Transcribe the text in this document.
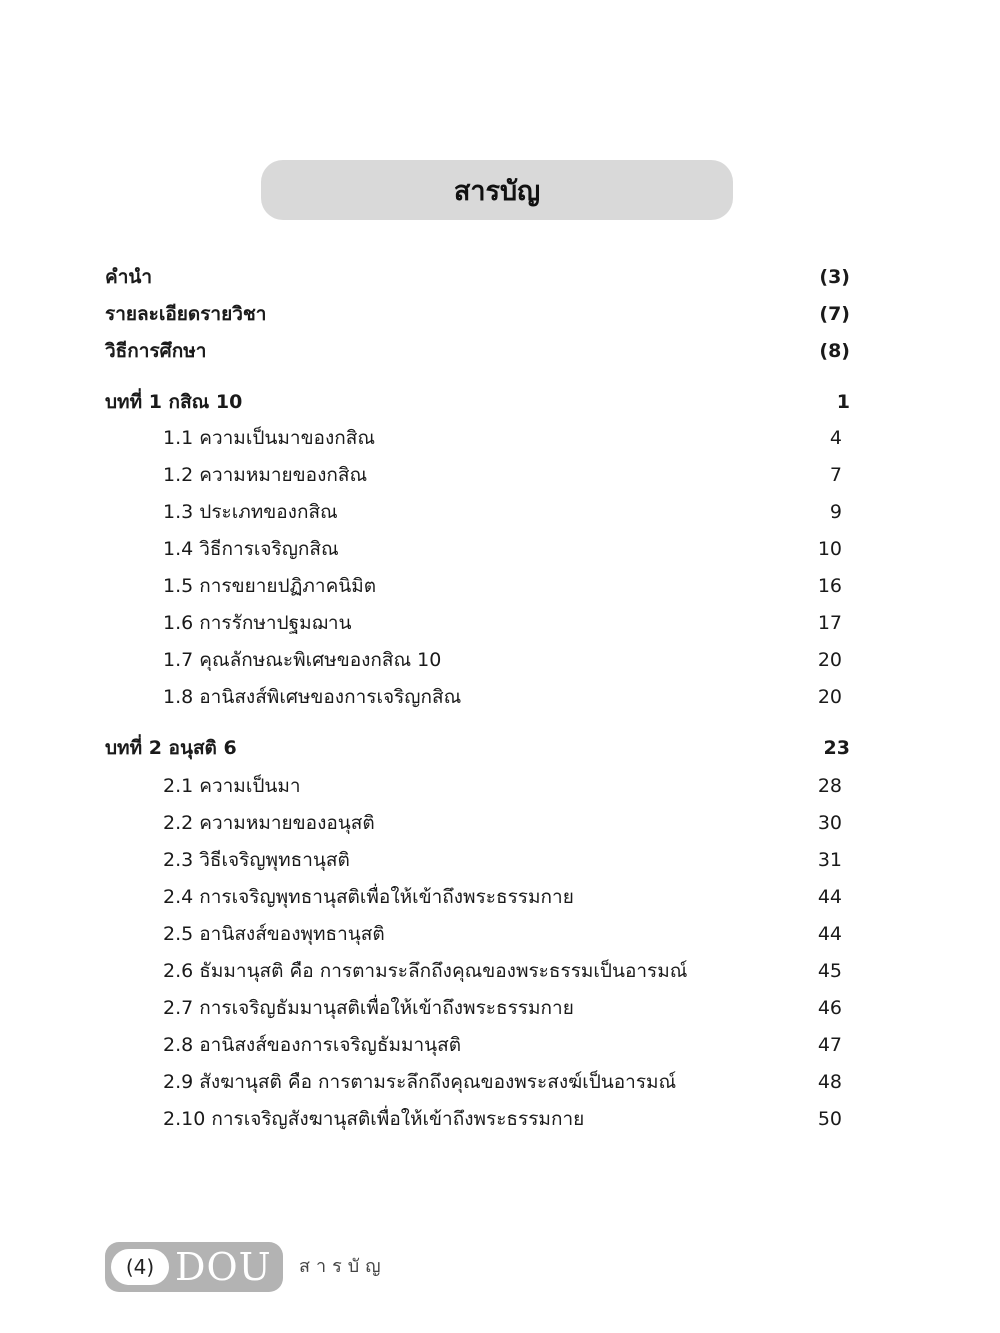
สารบัญ
คำนำ	(3)
รายละเอียดรายวิชา	(7)
วิธีการศึกษา	(8)
บทที่ 1 กสิณ 10	1
1.1 ความเป็นมาของกสิณ	4
1.2 ความหมายของกสิณ	7
1.3 ประเภทของกสิณ	9
1.4 วิธีการเจริญกสิณ	10
1.5 การขยายปฏิภาคนิมิต	16
1.6 การรักษาปฐมฌาน	17
1.7 คุณลักษณะพิเศษของกสิณ 10	20
1.8 อานิสงส์พิเศษของการเจริญกสิณ	20
บทที่ 2 อนุสติ 6	23
2.1 ความเป็นมา	28
2.2 ความหมายของอนุสติ	30
2.3 วิธีเจริญพุทธานุสติ	31
2.4 การเจริญพุทธานุสติเพื่อให้เข้าถึงพระธรรมกาย	44
2.5 อานิสงส์ของพุทธานุสติ	44
2.6 ธัมมานุสติ คือ การตามระลึกถึงคุณของพระธรรมเป็นอารมณ์	45
2.7 การเจริญธัมมานุสติเพื่อให้เข้าถึงพระธรรมกาย	46
2.8 อานิสงส์ของการเจริญธัมมานุสติ	47
2.9 สังฆานุสติ คือ การตามระลึกถึงคุณของพระสงฆ์เป็นอารมณ์	48
2.10 การเจริญสังฆานุสติเพื่อให้เข้าถึงพระธรรมกาย	50
(4) DOU สารบัญ
